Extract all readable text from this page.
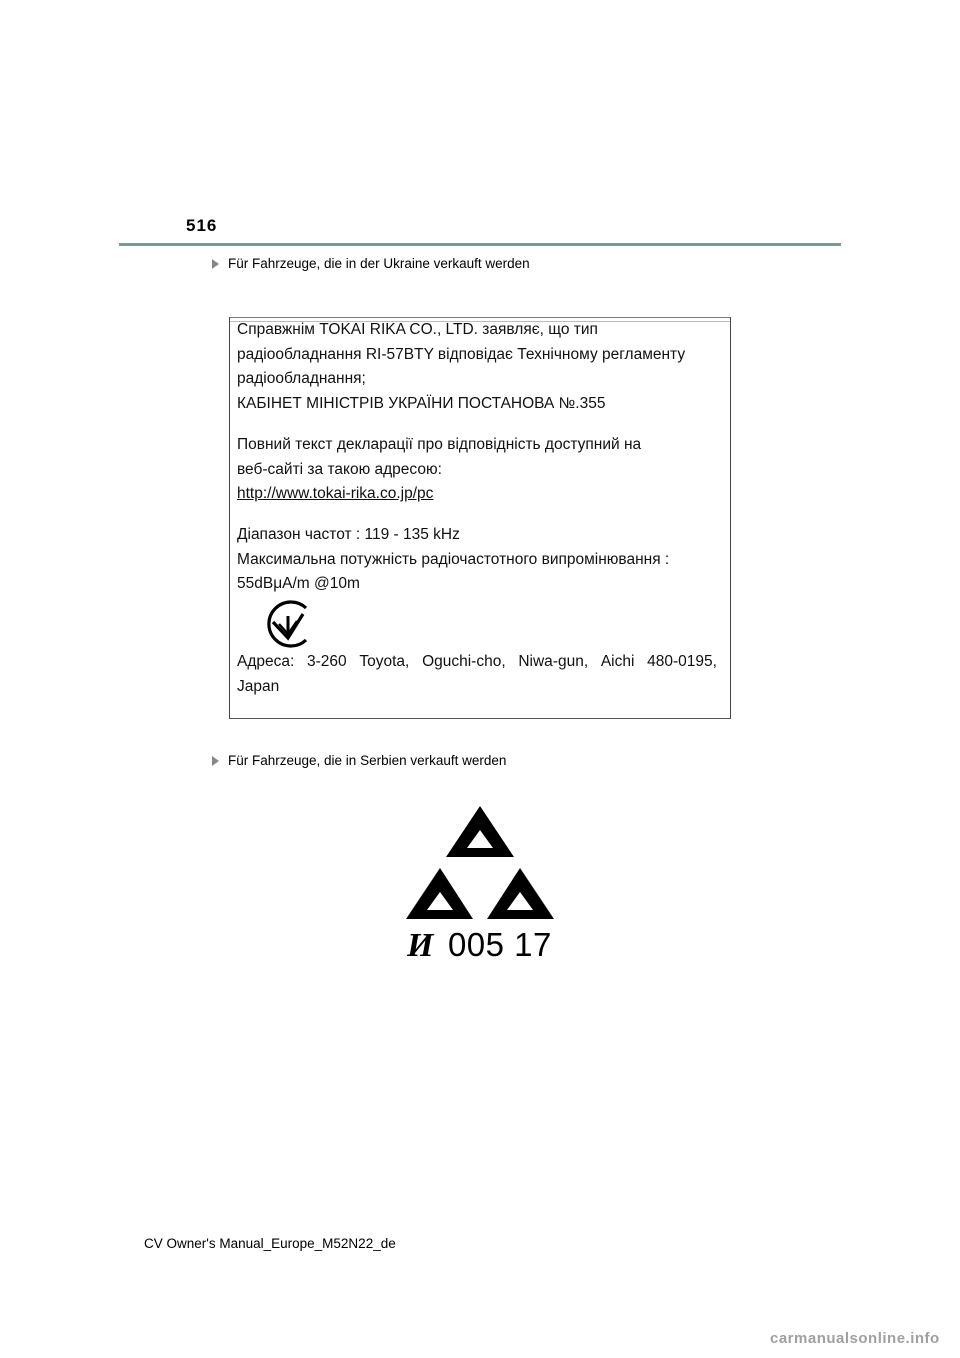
516
Für Fahrzeuge, die in der Ukraine verkauft werden

Справжнім TOKAI RIKA CO., LTD. заявляє, що тип

радіообладнання RI-57BTY відповідає Технічному регламенту

радіообладнання;

КАБІНЕТ МІНІСТРІВ УКРАЇНИ ПОСТАНОВА №.355

Повний текст декларації про відповідність доступний на

веб-сайті за такою адресою:

http://www.tokai-rika.co.jp/pc

Діапазон частот : 119 - 135 kHz

Максимальна потужність радіочастотного випромінювання :

55dBμA/m @10m

Адреса: 3-260 Toyota, Oguchi-cho, Niwa-gun, Aichi 480-0195,
Japan
Für Fahrzeuge, die in Serbien verkauft werden
И 005 17
CV Owner's Manual_Europe_M52N22_de
carmanualsonline.info
